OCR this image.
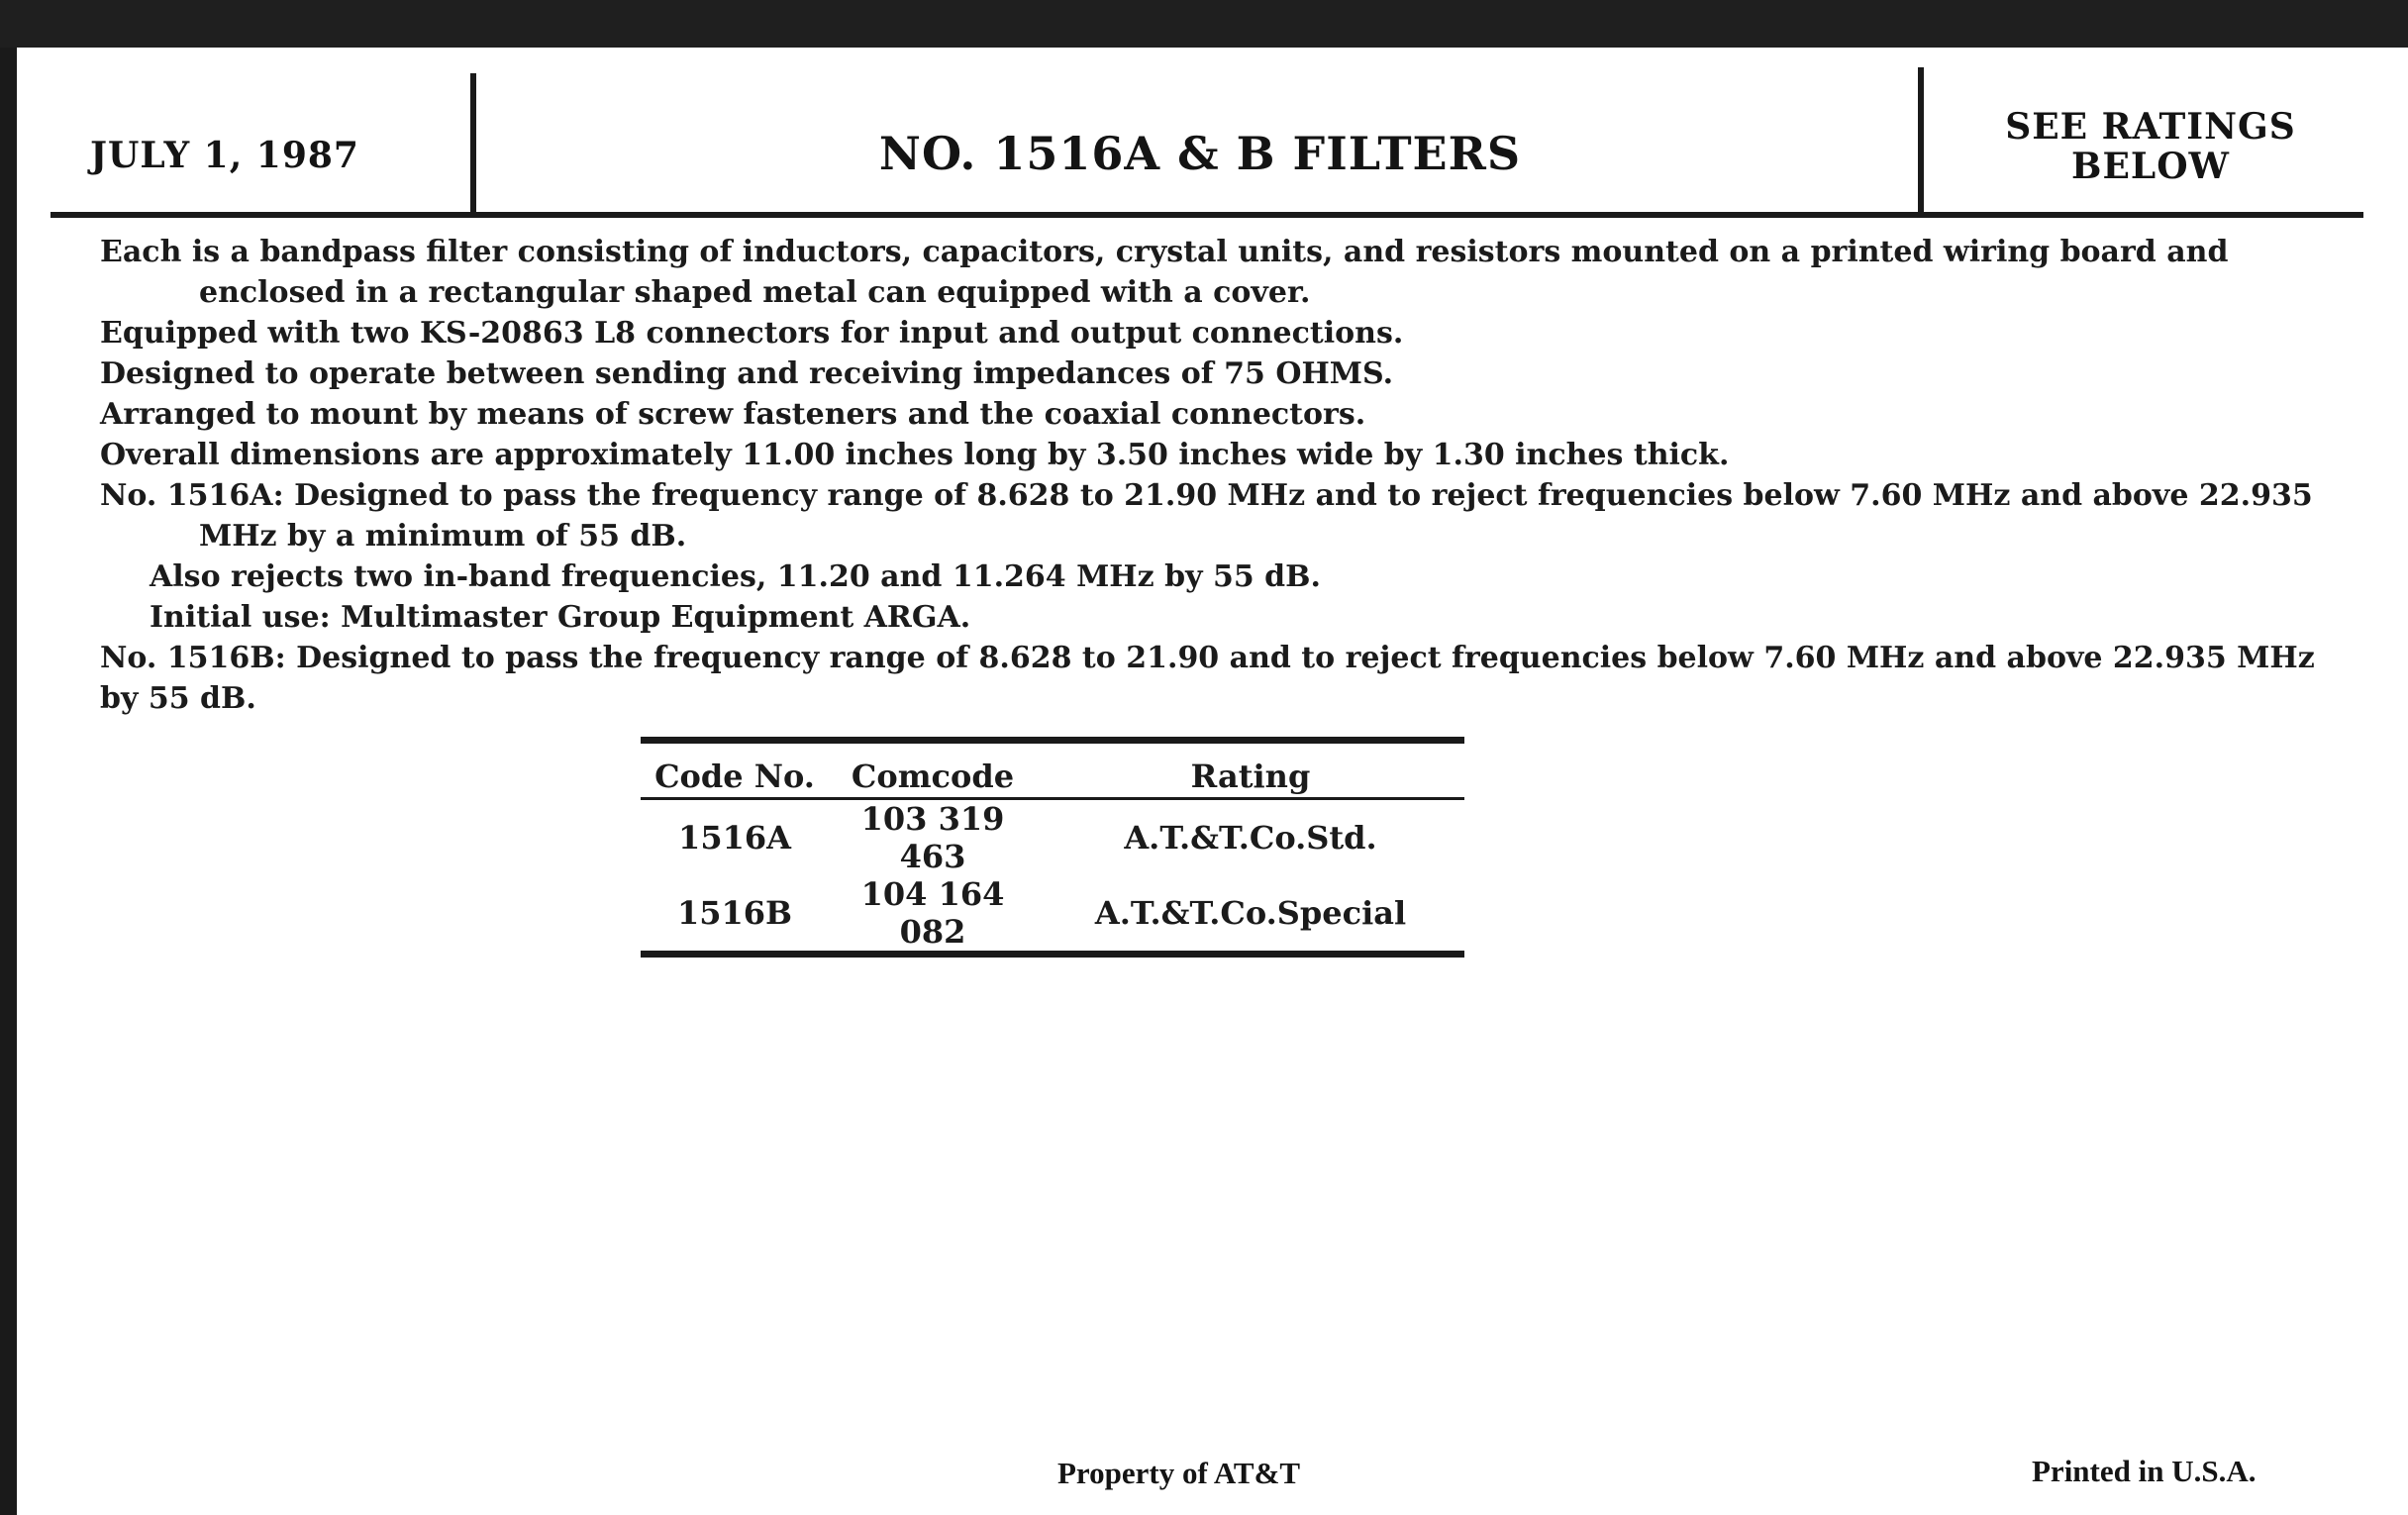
JULY 1, 1987	NO. 1516A & B FILTERS	SEE RATINGS
BELOW

Each is a bandpass filter consisting of inductors, capacitors, crystal units, and resistors mounted on a printed wiring board and enclosed in a rectangular shaped metal can equipped with a cover.

Equipped with two KS-20863 L8 connectors for input and output connections.

Designed to operate between sending and receiving impedances of 75 OHMS.

Arranged to mount by means of screw fasteners and the coaxial connectors.

Overall dimensions are approximately 11.00 inches long by 3.50 inches wide by 1.30 inches thick.

No. 1516A: Designed to pass the frequency range of 8.628 to 21.90 MHz and to reject frequencies below 7.60 MHz and above 22.935 MHz by a minimum of 55 dB.

Also rejects two in-band frequencies, 11.20 and 11.264 MHz by 55 dB.

Initial use: Multimaster Group Equipment ARGA.

No. 1516B: Designed to pass the frequency range of 8.628 to 21.90 and to reject frequencies below 7.60 MHz and above 22.935 MHz by 55 dB.

Code No.	Comcode	Rating
1516A	103 319 463	A.T.&T.Co.Std.
1516B	104 164 082	A.T.&T.Co.Special
Property of AT&T	Printed in U.S.A.
